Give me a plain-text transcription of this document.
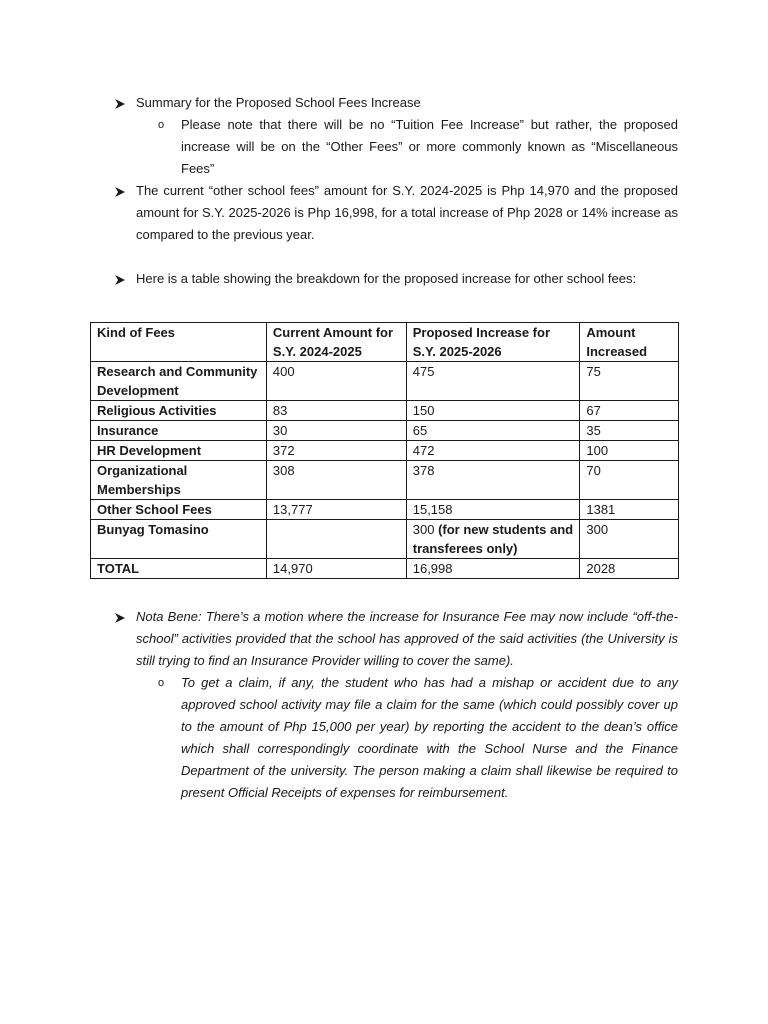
Summary for the Proposed School Fees Increase
o Please note that there will be no “Tuition Fee Increase” but rather, the proposed increase will be on the “Other Fees” or more commonly known as “Miscellaneous Fees”
The current “other school fees” amount for S.Y. 2024-2025 is Php 14,970 and the proposed amount for S.Y. 2025-2026 is Php 16,998, for a total increase of Php 2028 or 14% increase as compared to the previous year.
Here is a table showing the breakdown for the proposed increase for other school fees:
Kind of Fees	Current Amount for S.Y. 2024-2025	Proposed Increase for S.Y. 2025-2026	Amount Increased
Research and Community Development	400	475	75
Religious Activities	83	150	67
Insurance	30	65	35
HR Development	372	472	100
Organizational Memberships	308	378	70
Other School Fees	13,777	15,158	1381
Bunyag Tomasino		300 (for new students and transferees only)	300
TOTAL	14,970	16,998	2028
Nota Bene: There’s a motion where the increase for Insurance Fee may now include “off-the-school” activities provided that the school has approved of the said activities (the University is still trying to find an Insurance Provider willing to cover the same).
o To get a claim, if any, the student who has had a mishap or accident due to any approved school activity may file a claim for the same (which could possibly cover up to the amount of Php 15,000 per year) by reporting the accident to the dean’s office which shall correspondingly coordinate with the School Nurse and the Finance Department of the university. The person making a claim shall likewise be required to present Official Receipts of expenses for reimbursement.
